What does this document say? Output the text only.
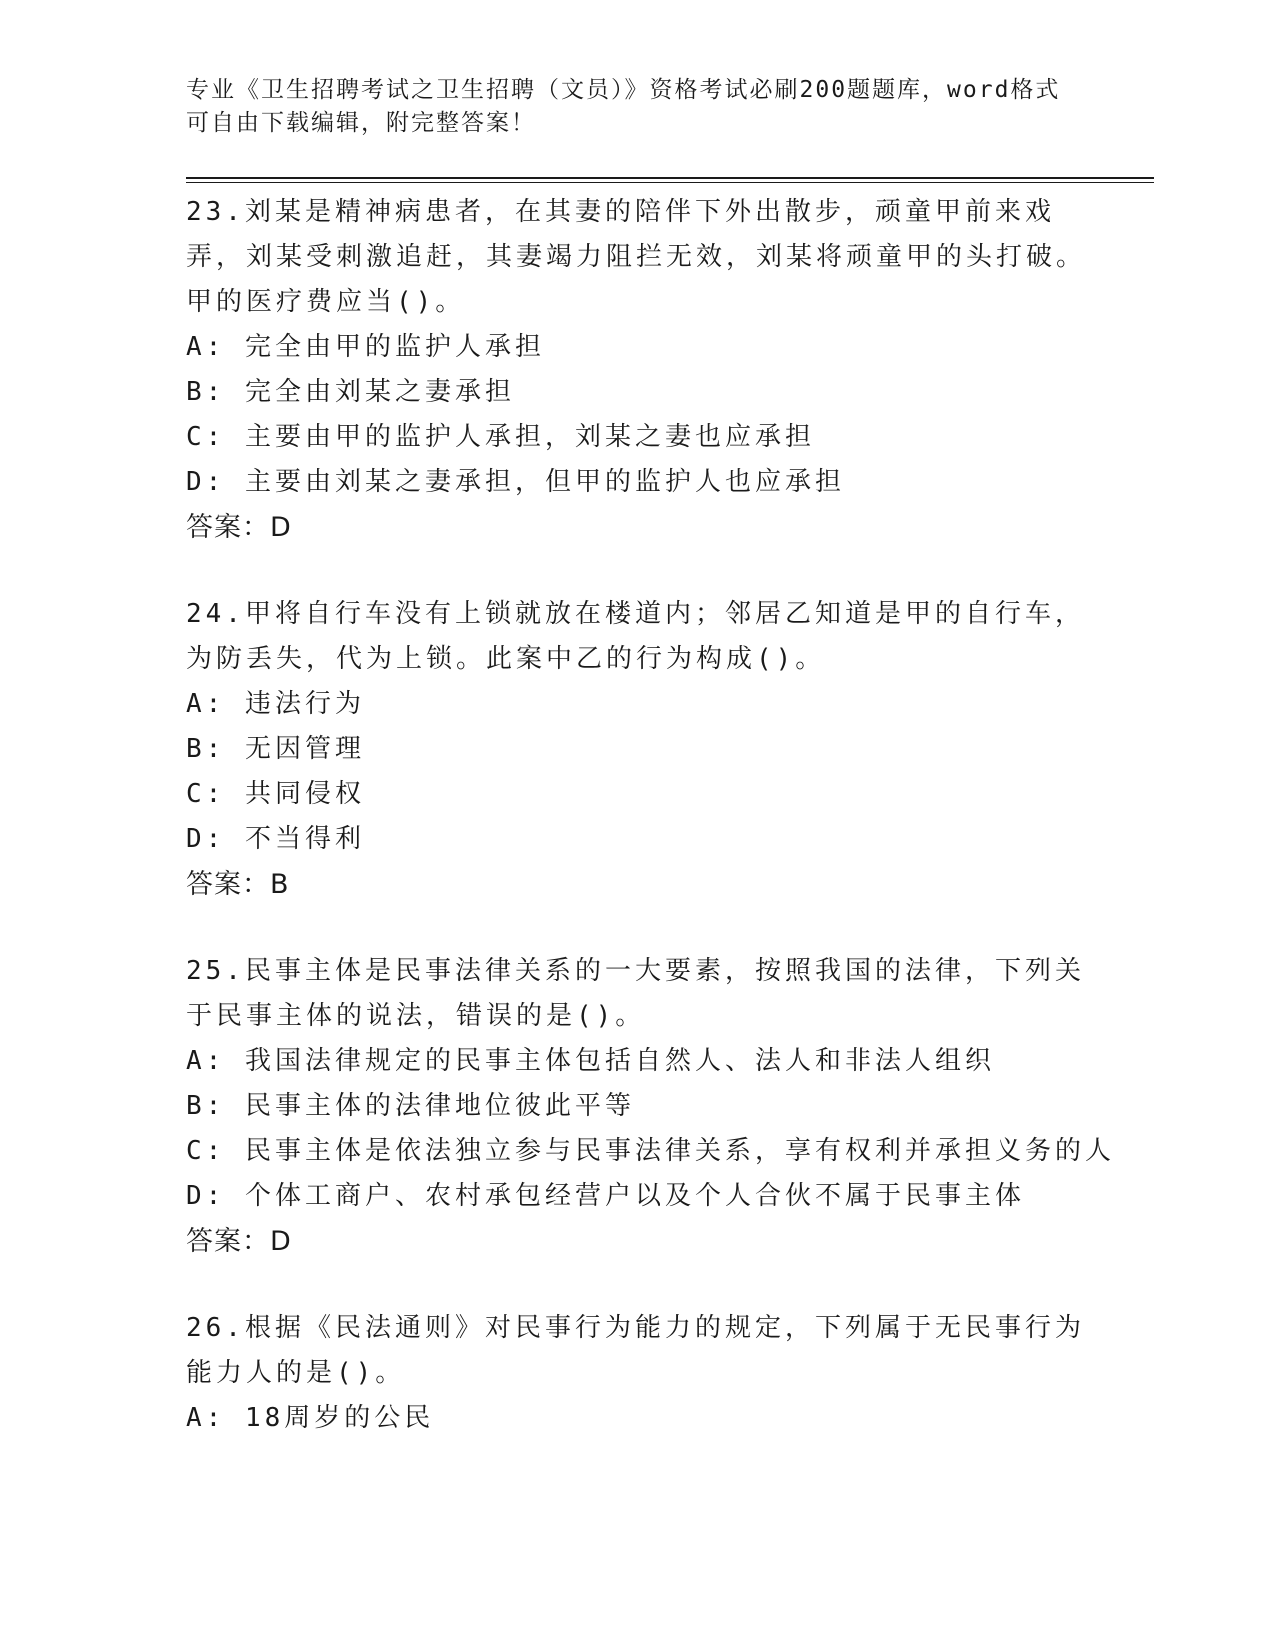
专业《卫生招聘考试之卫生招聘（文员）》资格考试必刷200题题库，word格式
可自由下载编辑，附完整答案！

23.刘某是精神病患者，在其妻的陪伴下外出散步，顽童甲前来戏弄，刘某受刺激追赶，其妻竭力阻拦无效，刘某将顽童甲的头打破。甲的医疗费应当()。

A: 完全由甲的监护人承担

B: 完全由刘某之妻承担

C: 主要由甲的监护人承担，刘某之妻也应承担

D: 主要由刘某之妻承担，但甲的监护人也应承担

答案：D

24.甲将自行车没有上锁就放在楼道内；邻居乙知道是甲的自行车，为防丢失，代为上锁。此案中乙的行为构成()。

A: 违法行为

B: 无因管理

C: 共同侵权

D: 不当得利

答案：B

25.民事主体是民事法律关系的一大要素，按照我国的法律，下列关于民事主体的说法，错误的是()。

A: 我国法律规定的民事主体包括自然人、法人和非法人组织

B: 民事主体的法律地位彼此平等

C: 民事主体是依法独立参与民事法律关系，享有权利并承担义务的人

D: 个体工商户、农村承包经营户以及个人合伙不属于民事主体

答案：D

26.根据《民法通则》对民事行为能力的规定，下列属于无民事行为能力人的是()。

A: 18周岁的公民
